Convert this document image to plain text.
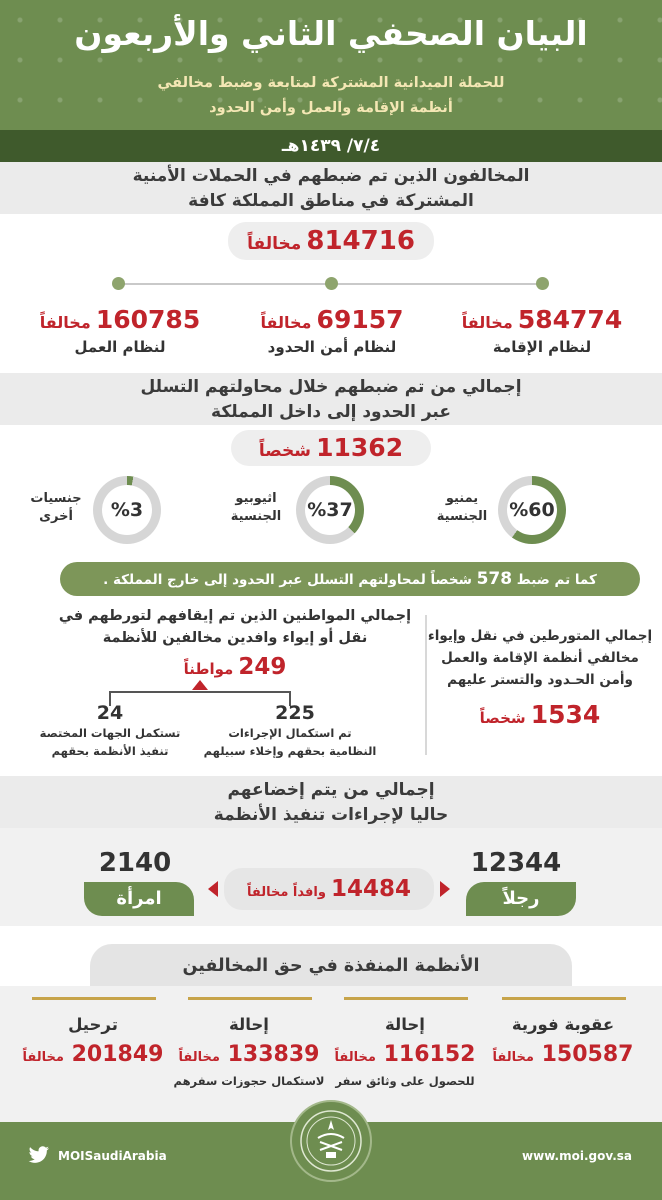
البيان الصحفي الثاني والأربعون
للحملة الميدانية المشتركة لمتابعة وضبط مخالفي
أنظمة الإقامة والعمل وأمن الحدود
٧/٤/ ١٤٣٩هـ
المخالفون الذين تم ضبطهم في الحملات الأمنية
المشتركة في مناطق المملكة كافة
814716 مخالفاً
584774 مخالفاً
لنظام الإقامة
69157 مخالفاً
لنظام أمن الحدود
160785 مخالفاً
لنظام العمل
إجمالي من تم ضبطهم خلال محاولتهم التسلل
عبر الحدود إلى داخل المملكة
11362 شخصاً
%60
يمنيو
الجنسية
%37
اثيوبيو
الجنسية
%3
جنسيات
أخرى
كما تم ضبط 578 شخصاً لمحاولتهم التسلل عبر الحدود إلى خارج المملكة .
إجمالي المتورطين في نقل وإيواء
مخالفي أنظمة الإقامة والعمل
وأمن الحـدود والتستر عليهم
1534 شخصاً
إجمالي المواطنين الذين تم إيقافهم لتورطهم في
نقل أو إيواء وافدين مخالفين للأنظمة
249 مواطناً
225
تم استكمال الإجراءات
النظامية بحقهم وإخلاء سبيلهم
24
تستكمل الجهات المختصة
تنفيذ الأنظمة بحقهم
إجمالي من يتم إخضاعهم
حاليا لإجراءات تنفيذ الأنظمة
12344
رجلاً
2140
امرأة	14484 وافداً مخالفاً
الأنظمة المنفذة في حق المخالفين
عقوبة فورية
150587 مخالفاً
إحالة
116152 مخالفاً
للحصول على وثائق سفر
إحالة
133839 مخالفاً
لاستكمال حجوزات سفرهم
ترحيل
201849 مخالفاً
MOISaudiArabia	www.moi.gov.sa
